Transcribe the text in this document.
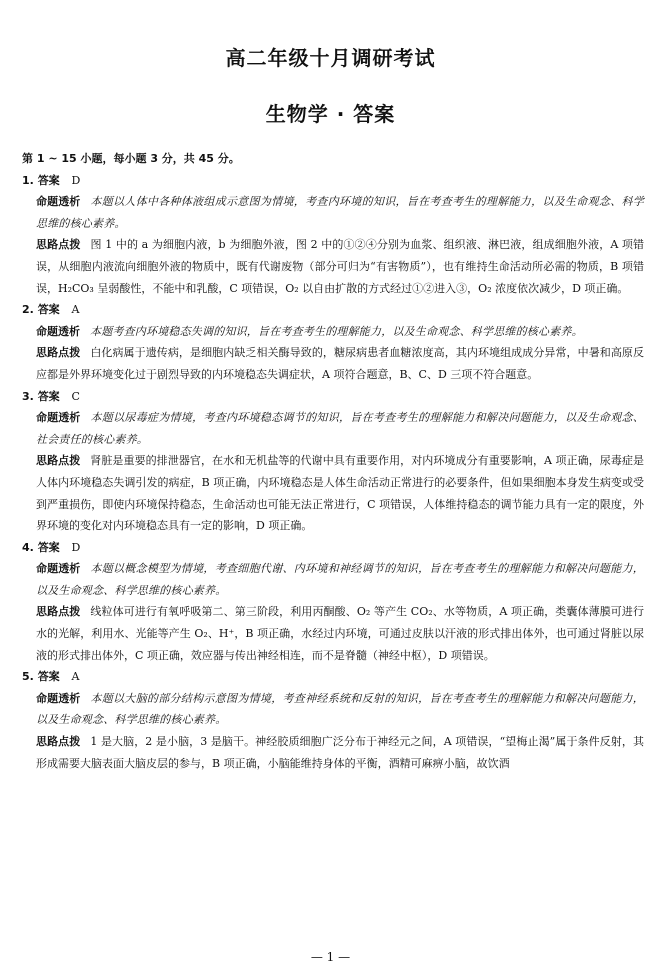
高二年级十月调研考试
生物学 · 答案

第 1 ~ 15 小题，每小题 3 分，共 45 分。

1. 答案 D

命题透析 本题以人体中各种体液组成示意图为情境，考查内环境的知识，旨在考查考生的理解能力，以及生命观念、科学思维的核心素养。

思路点拨 图 1 中的 a 为细胞内液，b 为细胞外液，图 2 中的①②④分别为血浆、组织液、淋巴液，组成细胞外液，A 项错误，从细胞内液流向细胞外液的物质中，既有代谢废物（部分可归为“有害物质”），也有维持生命活动所必需的物质，B 项错误，H₂CO₃ 呈弱酸性，不能中和乳酸，C 项错误，O₂ 以自由扩散的方式经过①②进入③，O₂ 浓度依次减少，D 项正确。

2. 答案 A

命题透析 本题考查内环境稳态失调的知识，旨在考查考生的理解能力，以及生命观念、科学思维的核心素养。

思路点拨 白化病属于遗传病，是细胞内缺乏相关酶导致的，糖尿病患者血糖浓度高，其内环境组成成分异常，中暑和高原反应都是外界环境变化过于剧烈导致的内环境稳态失调症状，A 项符合题意，B、C、D 三项不符合题意。

3. 答案 C

命题透析 本题以尿毒症为情境，考查内环境稳态调节的知识，旨在考查考生的理解能力和解决问题能力，以及生命观念、社会责任的核心素养。

思路点拨 肾脏是重要的排泄器官，在水和无机盐等的代谢中具有重要作用，对内环境成分有重要影响，A 项正确，尿毒症是人体内环境稳态失调引发的病症，B 项正确，内环境稳态是人体生命活动正常进行的必要条件，但如果细胞本身发生病变或受到严重损伤，即使内环境保持稳态，生命活动也可能无法正常进行，C 项错误，人体维持稳态的调节能力具有一定的限度，外界环境的变化对内环境稳态具有一定的影响，D 项正确。

4. 答案 D

命题透析 本题以概念模型为情境，考查细胞代谢、内环境和神经调节的知识，旨在考查考生的理解能力和解决问题能力，以及生命观念、科学思维的核心素养。

思路点拨 线粒体可进行有氧呼吸第二、第三阶段，利用丙酮酸、O₂ 等产生 CO₂、水等物质，A 项正确，类囊体薄膜可进行水的光解，利用水、光能等产生 O₂、H⁺，B 项正确，水经过内环境，可通过皮肤以汗液的形式排出体外，也可通过肾脏以尿液的形式排出体外，C 项正确，效应器与传出神经相连，而不是脊髓（神经中枢），D 项错误。

5. 答案 A

命题透析 本题以大脑的部分结构示意图为情境，考查神经系统和反射的知识，旨在考查考生的理解能力和解决问题能力，以及生命观念、科学思维的核心素养。

思路点拨 1 是大脑，2 是小脑，3 是脑干。神经胶质细胞广泛分布于神经元之间，A 项错误，“望梅止渴”属于条件反射，其形成需要大脑表面大脑皮层的参与，B 项正确，小脑能维持身体的平衡，酒精可麻痹小脑，故饮酒

— 1 —
